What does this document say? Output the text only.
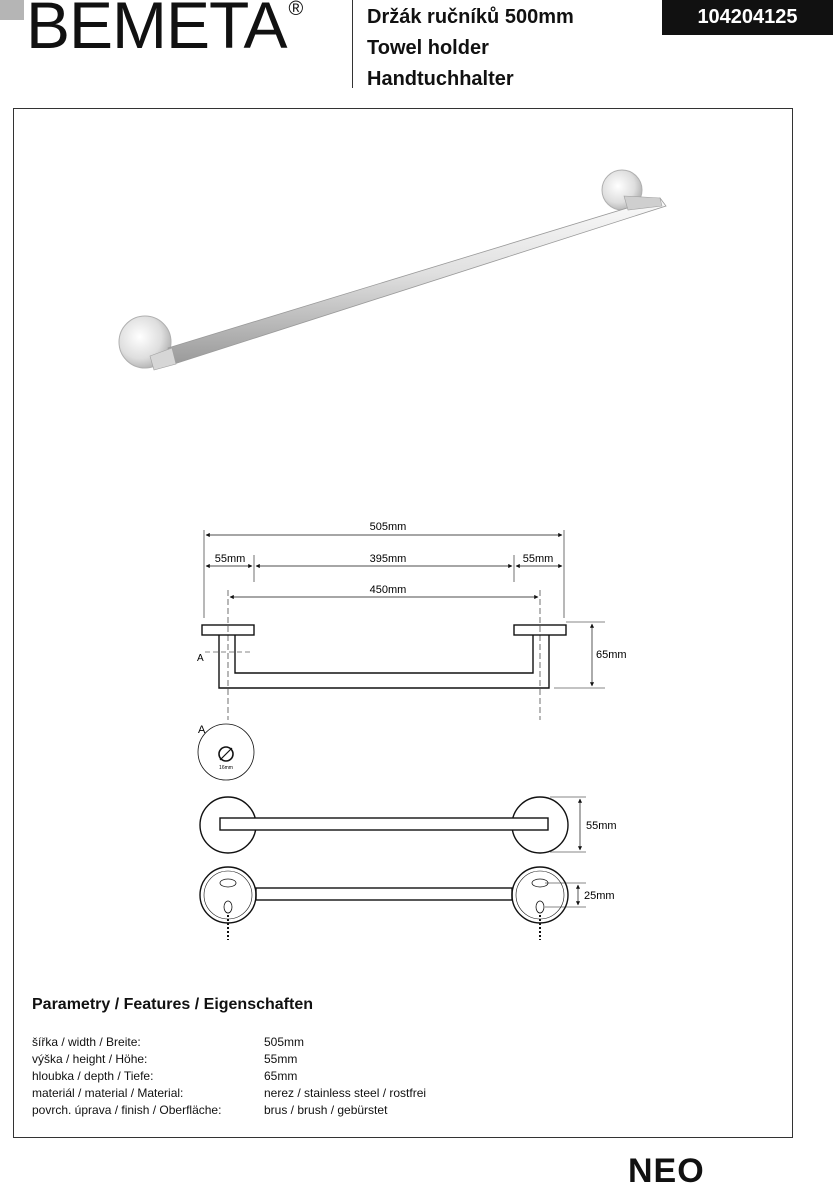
BEMETA ®	Držák ručníků 500mm
Towel holder
Handtuchhalter
104204125
505mm
55mm	395mm	55mm
450mm
65mm
A
A
16mm
55mm
25mm
Parametry / Features / Eigenschaften
šířka / width / Breite:	505mm
výška / height / Höhe:	55mm
hloubka / depth / Tiefe:	65mm
materiál / material / Material:	nerez / stainless steel / rostfrei
povrch. úprava / finish / Oberfläche:	brus / brush / gebürstet
NEO
